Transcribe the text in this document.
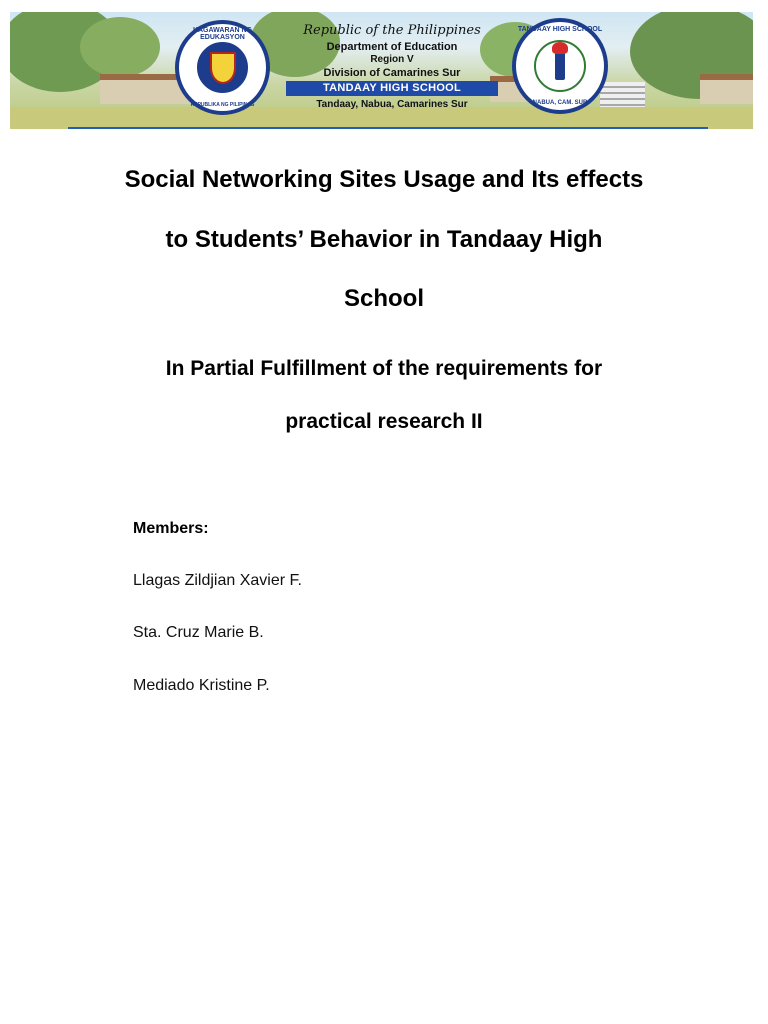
KAGAWARAN NG EDUKASYON
REPUBLIKA NG PILIPINAS
Republic of the Philippines
Department of Education
Region V
Division of Camarines Sur
TANDAAY HIGH SCHOOL
Tandaay, Nabua, Camarines Sur
TANDAAY HIGH SCHOOL
NABUA, CAM. SUR
Social Networking Sites Usage and Its effects
to Students’ Behavior in Tandaay High
School
In Partial Fulfillment of the requirements for
practical research II
Members:
Llagas Zildjian Xavier F.
Sta. Cruz Marie B.
Mediado Kristine P.
